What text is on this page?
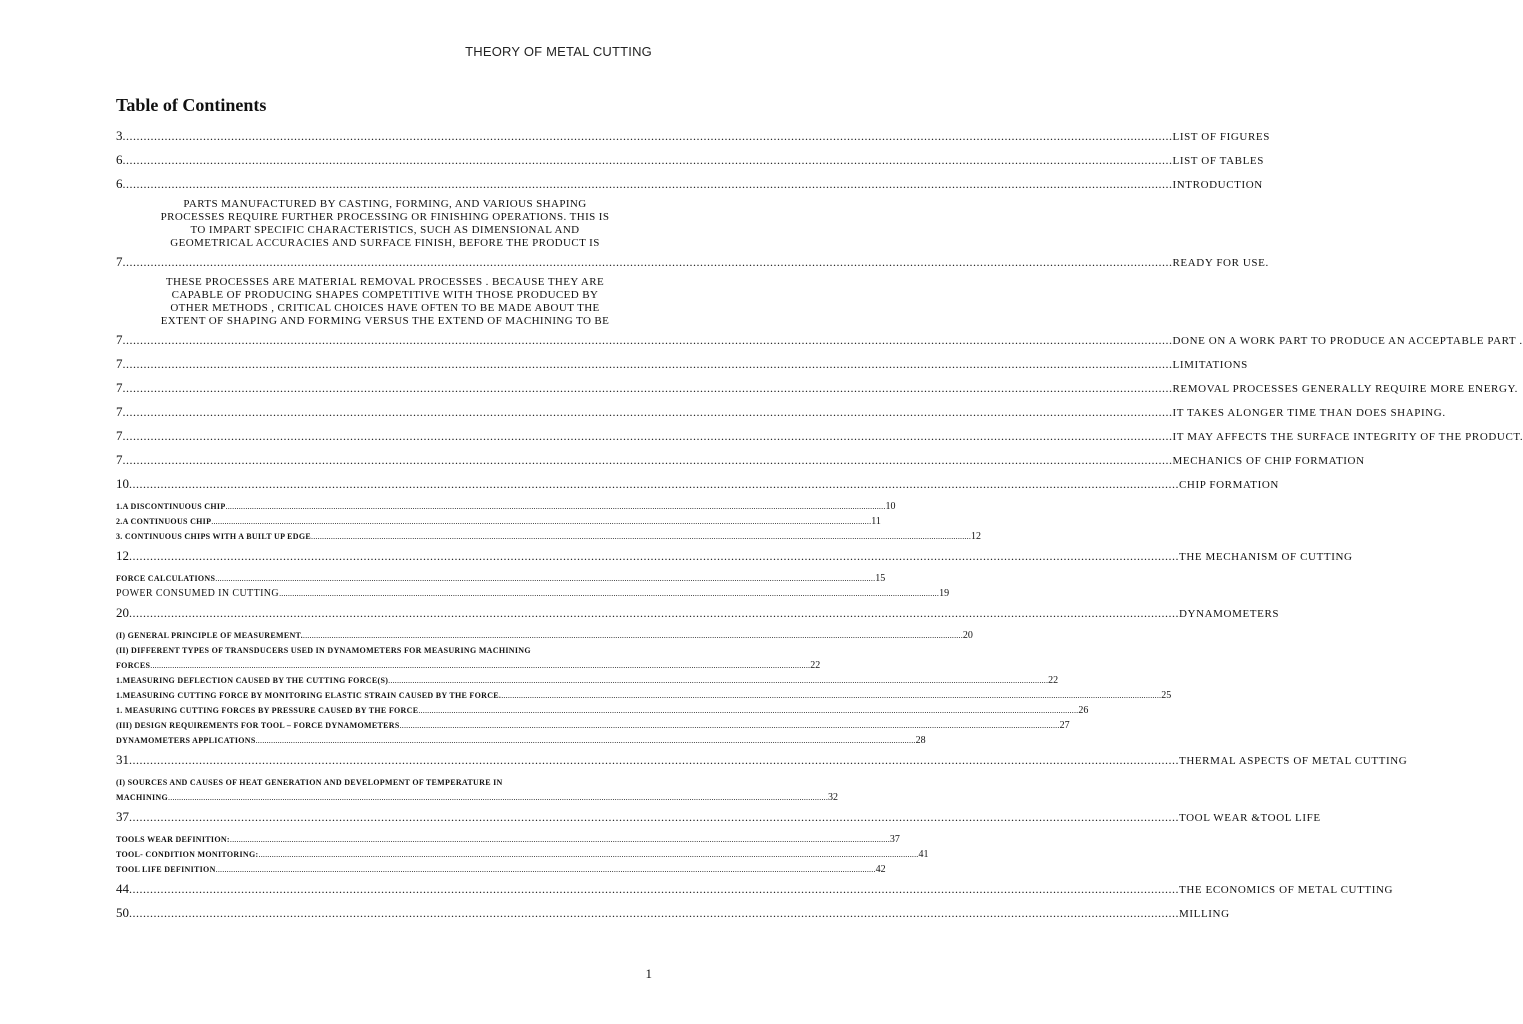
THEORY OF METAL CUTTING
Table of Continents
3 ............................................................................................................................................................................................................................................................................................................ LIST OF FIGURES
6 ............................................................................................................................................................................................................................................................................................................ LIST OF TABLES
6 ............................................................................................................................................................................................................................................................................................................ INTRODUCTION
PARTS MANUFACTURED BY CASTING, FORMING, AND VARIOUS SHAPING
PROCESSES REQUIRE FURTHER PROCESSING OR FINISHING OPERATIONS. THIS IS
TO IMPART SPECIFIC CHARACTERISTICS, SUCH AS DIMENSIONAL AND
GEOMETRICAL ACCURACIES AND SURFACE FINISH, BEFORE THE PRODUCT IS
7 ............................................................................................................................................................................................................................................................................................................ READY FOR USE.
THESE PROCESSES ARE MATERIAL REMOVAL PROCESSES . BECAUSE THEY ARE
CAPABLE OF PRODUCING SHAPES COMPETITIVE WITH THOSE PRODUCED BY
OTHER METHODS , CRITICAL CHOICES HAVE OFTEN TO BE MADE ABOUT THE
EXTENT OF SHAPING AND FORMING VERSUS THE EXTEND OF MACHINING TO BE
7 ............................................................................................................................................................................................................................................................................................................ DONE ON A WORK PART TO PRODUCE AN ACCEPTABLE PART .
7 ............................................................................................................................................................................................................................................................................................................ LIMITATIONS
7 ............................................................................................................................................................................................................................................................................................................ REMOVAL PROCESSES GENERALLY REQUIRE MORE ENERGY.
7 ............................................................................................................................................................................................................................................................................................................ IT TAKES ALONGER TIME THAN DOES SHAPING.
7 ............................................................................................................................................................................................................................................................................................................ IT MAY AFFECTS THE SURFACE INTEGRITY OF THE PRODUCT.
7 ............................................................................................................................................................................................................................................................................................................ MECHANICS OF CHIP FORMATION
10 ............................................................................................................................................................................................................................................................................................................ CHIP FORMATION
1.A DISCONTINUOUS CHIP ............................................................................................................................................................................................................................................................................................................ 10
2.A CONTINUOUS CHIP ............................................................................................................................................................................................................................................................................................................ 11
3. CONTINUOUS CHIPS WITH A BUILT UP EDGE ............................................................................................................................................................................................................................................................................................................ 12
12 ............................................................................................................................................................................................................................................................................................................ THE MECHANISM OF CUTTING
FORCE CALCULATIONS ............................................................................................................................................................................................................................................................................................................ 15
POWER CONSUMED IN CUTTING ............................................................................................................................................................................................................................................................................................................ 19
20 ............................................................................................................................................................................................................................................................................................................ DYNAMOMETERS
(I) GENERAL PRINCIPLE OF MEASUREMENT. ............................................................................................................................................................................................................................................................................................................ 20
(II) DIFFERENT TYPES OF TRANSDUCERS USED IN DYNAMOMETERS FOR MEASURING MACHINING
FORCES ............................................................................................................................................................................................................................................................................................................ 22
1.MEASURING DEFLECTION CAUSED BY THE CUTTING FORCE(S) ............................................................................................................................................................................................................................................................................................................ 22
1.MEASURING CUTTING FORCE BY MONITORING ELASTIC STRAIN CAUSED BY THE FORCE. ............................................................................................................................................................................................................................................................................................................ 25
1. MEASURING CUTTING FORCES BY PRESSURE CAUSED BY THE FORCE ............................................................................................................................................................................................................................................................................................................ 26
(III) DESIGN REQUIREMENTS FOR TOOL – FORCE DYNAMOMETERS ............................................................................................................................................................................................................................................................................................................ 27
DYNAMOMETERS APPLICATIONS ............................................................................................................................................................................................................................................................................................................ 28
31 ............................................................................................................................................................................................................................................................................................................ THERMAL ASPECTS OF METAL CUTTING
(I) SOURCES AND CAUSES OF HEAT GENERATION AND DEVELOPMENT OF TEMPERATURE IN
MACHINING ............................................................................................................................................................................................................................................................................................................ 32
37 ............................................................................................................................................................................................................................................................................................................ TOOL WEAR &TOOL LIFE
TOOLS WEAR DEFINITION: ............................................................................................................................................................................................................................................................................................................ 37
TOOL- CONDITION MONITORING: ............................................................................................................................................................................................................................................................................................................ 41
TOOL LIFE DEFINITION ............................................................................................................................................................................................................................................................................................................ 42
44 ............................................................................................................................................................................................................................................................................................................ THE ECONOMICS OF METAL CUTTING
50 ............................................................................................................................................................................................................................................................................................................ MILLING
1
